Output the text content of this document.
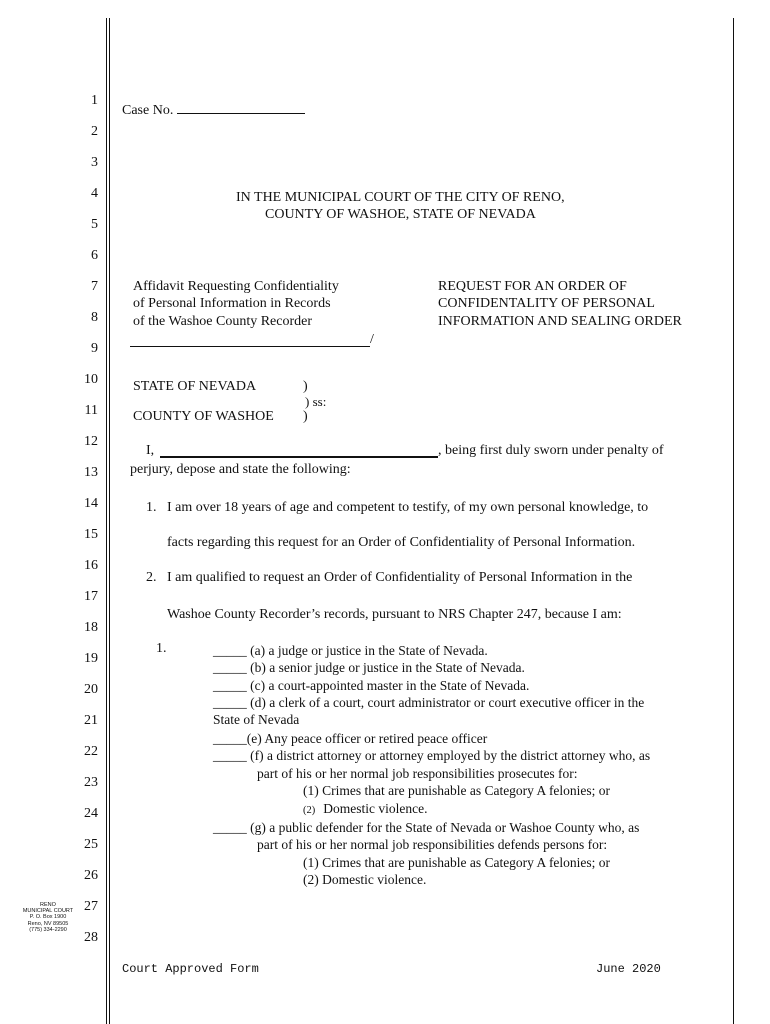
1
2
3
4
5
6
7
8
9
10
11
12
13
14
15
16
17
18
19
20
21
22
23
24
25
26
27
28
RENO
MUNICIPAL COURT
P. O. Box 1900
Reno, NV 89505
(775) 334-2290
Case No.
IN THE MUNICIPAL COURT OF THE CITY OF RENO,
COUNTY OF WASHOE, STATE OF NEVADA
Affidavit Requesting Confidentiality
of Personal Information in Records
of the Washoe County Recorder
/
REQUEST FOR AN ORDER OF
CONFIDENTALITY OF PERSONAL
INFORMATION AND SEALING ORDER
STATE OF NEVADA	)
) ss:
COUNTY OF WASHOE )
I,	, being first duly sworn under penalty of
perjury, depose and state the following:
1. I am over 18 years of age and competent to testify, of my own personal knowledge, to
facts regarding this request for an Order of Confidentiality of Personal Information.
2. I am qualified to request an Order of Confidentiality of Personal Information in the
Washoe County Recorder’s records, pursuant to NRS Chapter 247, because I am:
1.	_____ (a) a judge or justice in the State of Nevada.
_____ (b) a senior judge or justice in the State of Nevada.
_____ (c) a court-appointed master in the State of Nevada.
_____ (d) a clerk of a court, court administrator or court executive officer in the
State of Nevada
_____(e) Any peace officer or retired peace officer
_____ (f) a district attorney or attorney employed by the district attorney who, as
part of his or her normal job responsibilities prosecutes for:
(1) Crimes that are punishable as Category A felonies; or
(2) Domestic violence.
_____ (g) a public defender for the State of Nevada or Washoe County who, as
part of his or her normal job responsibilities defends persons for:
(1) Crimes that are punishable as Category A felonies; or
(2) Domestic violence.
Court Approved Form	June 2020
